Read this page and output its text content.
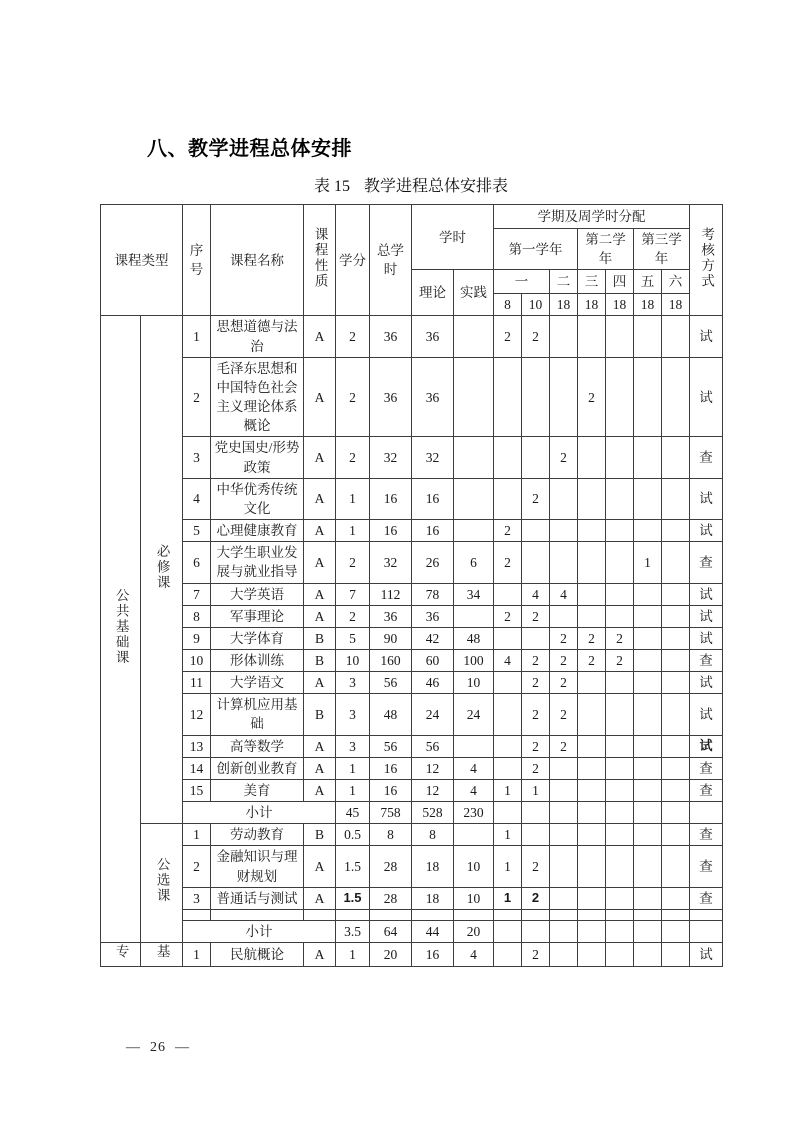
八、教学进程总体安排
表 15 教学进程总体安排表
课程类型		序号	课程名称	课程性质	学分	总学时	学时		学期及周学时分配							考核方式
									第一学年			第二学年		第三学年		
							理论	实践	一		二	三	四	五	六	
									8	10	18	18	18	18	18	
公共基础课	必修课	1	思想道德与法治	A	2	36	36		2	2						试
		2	毛泽东思想和中国特色社会主义理论体系概论	A	2	36	36					2				试
		3	党史国史/形势政策	A	2	32	32				2					查
		4	中华优秀传统文化	A	1	16	16			2						试
		5	心理健康教育	A	1	16	16		2							试
		6	大学生职业发展与就业指导	A	2	32	26	6	2					1		查
		7	大学英语	A	7	112	78	34		4	4					试
		8	军事理论	A	2	36	36		2	2						试
		9	大学体育	B	5	90	42	48			2	2	2			试
		10	形体训练	B	10	160	60	100	4	2	2	2	2			查
		11	大学语文	A	3	56	46	10		2	2					试
		12	计算机应用基础	B	3	48	24	24		2	2					试
		13	高等数学	A	3	56	56			2	2					试
		14	创新创业教育	A	1	16	12	4		2						查
		15	美育	A	1	16	12	4	1	1						查
		小计			45	758	528	230								
	公选课	1	劳动教育	B	0.5	8	8		1							查
		2	金融知识与理财规划	A	1.5	28	18	10	1	2						查
		3	普通话与测试	A	1.5	28	18	10	1	2						查

		小计			3.5	64	44	20								
专	基	1	民航概论	A	1	20	16	4		2						试
— 26 —
